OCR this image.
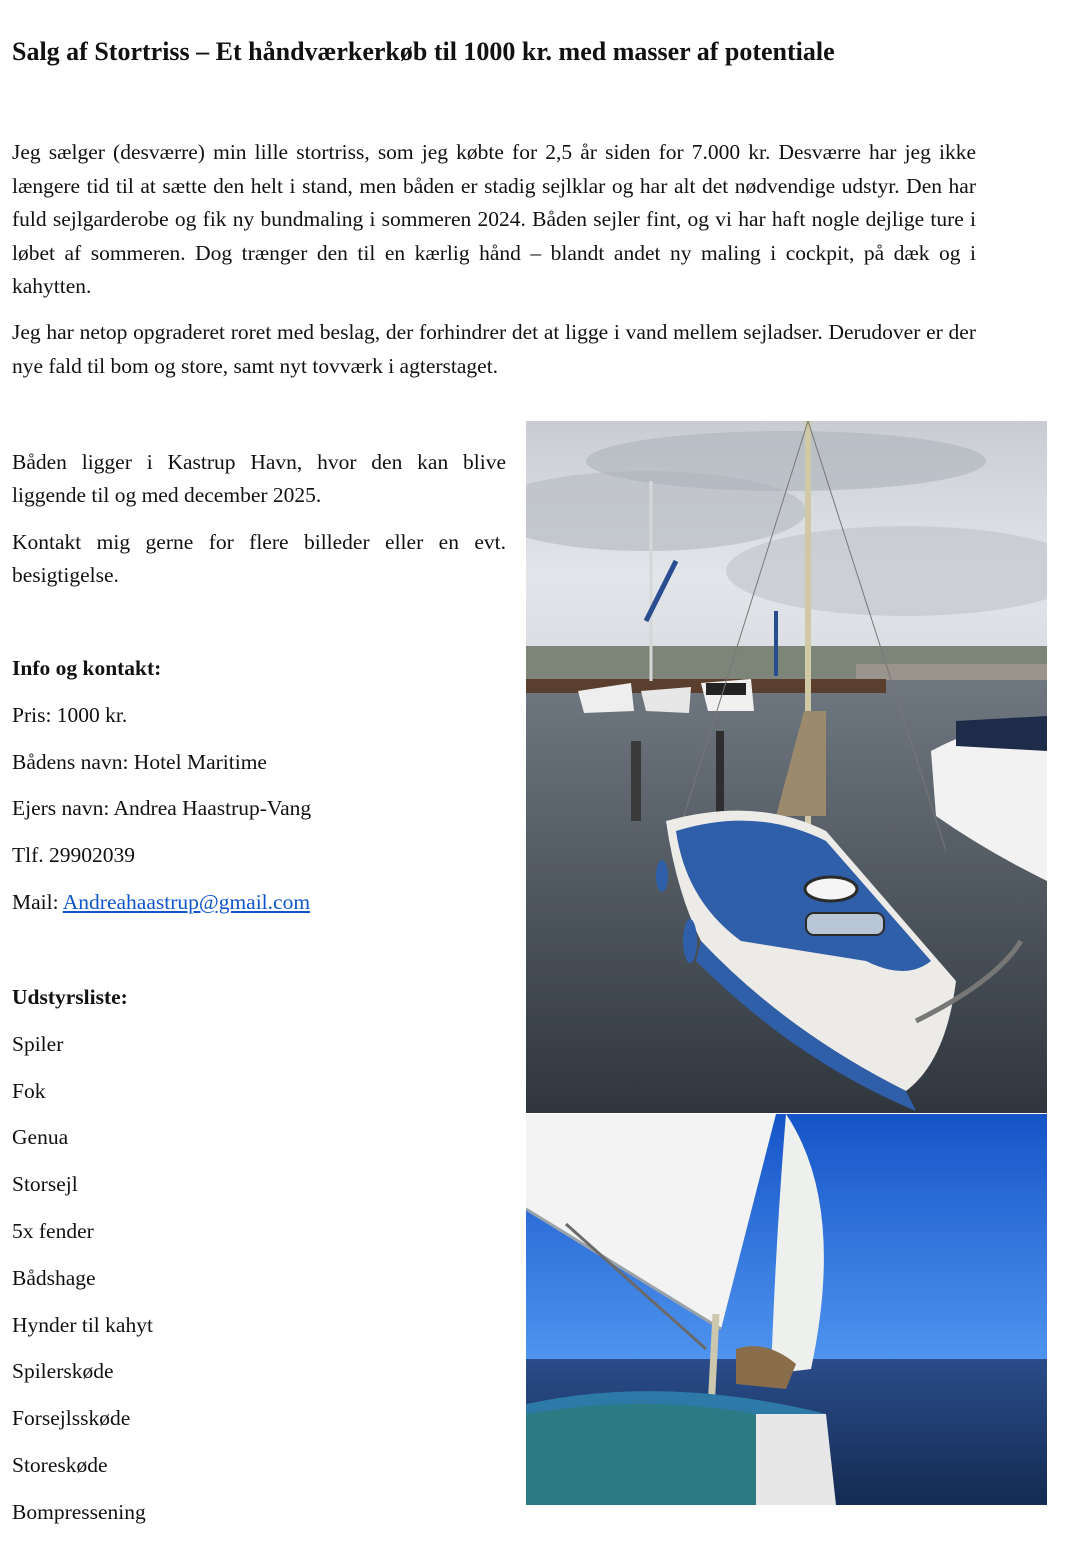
Salg af Stortriss – Et håndværkerkøb til 1000 kr. med masser af potentiale

Jeg sælger (desværre) min lille stortriss, som jeg købte for 2,5 år siden for 7.000 kr. Desværre har jeg ikke længere tid til at sætte den helt i stand, men båden er stadig sejlklar og har alt det nødvendige udstyr. Den har fuld sejlgarderobe og fik ny bundmaling i sommeren 2024. Båden sejler fint, og vi har haft nogle dejlige ture i løbet af sommeren. Dog trænger den til en kærlig hånd – blandt andet ny maling i cockpit, på dæk og i kahytten.

Jeg har netop opgraderet roret med beslag, der forhindrer det at ligge i vand mellem sejladser. Derudover er der nye fald til bom og store, samt nyt tovværk i agterstaget.

Båden ligger i Kastrup Havn, hvor den kan blive liggende til og med december 2025.

Kontakt mig gerne for flere billeder eller en evt. besigtigelse.

Info og kontakt:
Pris: 1000 kr.
Bådens navn: Hotel Maritime
Ejers navn: Andrea Haastrup-Vang
Tlf. 29902039
Mail: Andreahaastrup@gmail.com
Udstyrsliste:
Spiler
Fok
Genua
Storsejl
5x fender
Bådshage
Hynder til kahyt
Spilerskøde
Forsejlsskøde
Storeskøde
Bompressening
